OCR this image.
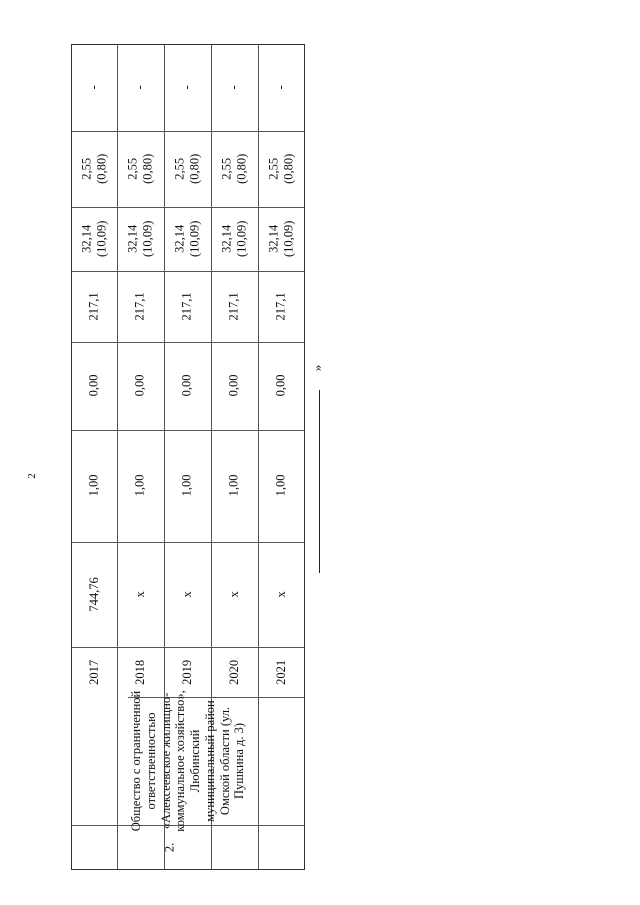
2
»
2.
Общество с ограниченной ответственностью «Алексеевское жилищно-коммунальное хозяйство», Любинский муниципальный район Омской области (ул. Пушкина д. 3)
-
2,55 (0,80)
32,14 (10,09)
217,1
0,00
1,00
744,76
2017
-
2,55 (0,80)
32,14 (10,09)
217,1
0,00
1,00
x
2018
-
2,55 (0,80)
32,14 (10,09)
217,1
0,00
1,00
x
2019
-
2,55 (0,80)
32,14 (10,09)
217,1
0,00
1,00
x
2020
-
2,55 (0,80)
32,14 (10,09)
217,1
0,00
1,00
x
2021
